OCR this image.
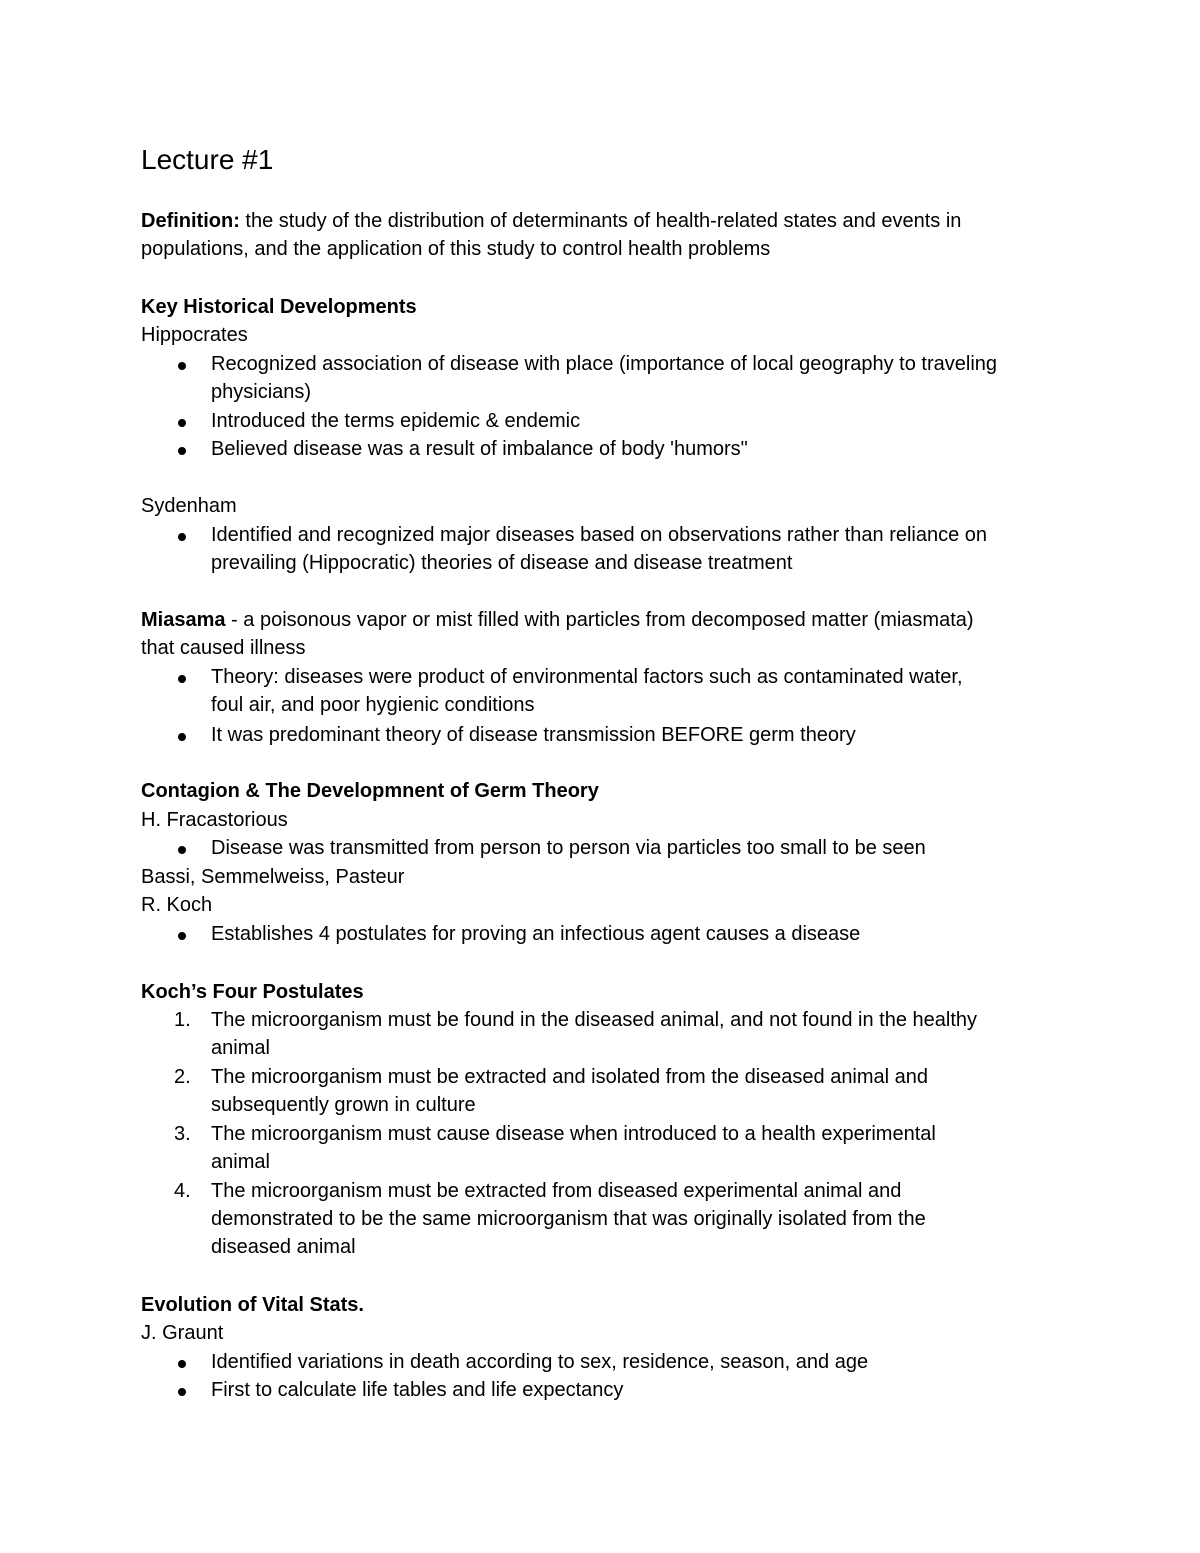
Lecture #1
Definition: the study of the distribution of determinants of health-related states and events in
populations, and the application of this study to control health problems
Key Historical Developments
Hippocrates
Recognized association of disease with place (importance of local geography to traveling
physicians)
Introduced the terms epidemic & endemic
Believed disease was a result of imbalance of body 'humors"
Sydenham
Identified and recognized major diseases based on observations rather than reliance on
prevailing (Hippocratic) theories of disease and disease treatment
Miasama - a poisonous vapor or mist filled with particles from decomposed matter (miasmata)
that caused illness
Theory: diseases were product of environmental factors such as contaminated water,
foul air, and poor hygienic conditions
It was predominant theory of disease transmission BEFORE germ theory
Contagion & The Developmnent of Germ Theory
H. Fracastorious
Disease was transmitted from person to person via particles too small to be seen
Bassi, Semmelweiss, Pasteur
R. Koch
Establishes 4 postulates for proving an infectious agent causes a disease
Koch’s Four Postulates
1. The microorganism must be found in the diseased animal, and not found in the healthy
animal
2. The microorganism must be extracted and isolated from the diseased animal and
subsequently grown in culture
3. The microorganism must cause disease when introduced to a health experimental
animal
4. The microorganism must be extracted from diseased experimental animal and
demonstrated to be the same microorganism that was originally isolated from the
diseased animal
Evolution of Vital Stats.
J. Graunt
Identified variations in death according to sex, residence, season, and age
First to calculate life tables and life expectancy
